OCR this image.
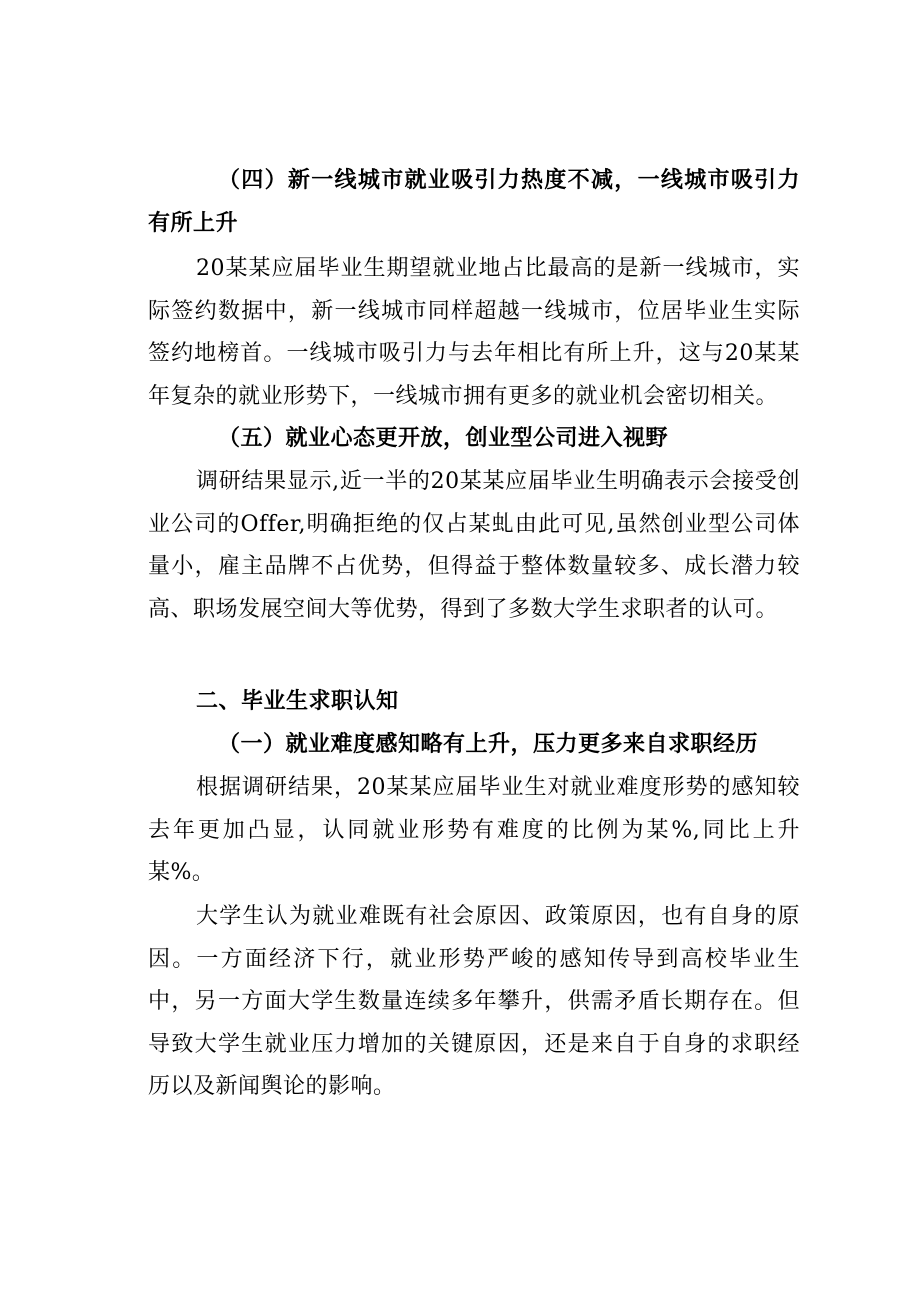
（四）新一线城市就业吸引力热度不减，一线城市吸引力有所上升

20某某应届毕业生期望就业地占比最高的是新一线城市，实际签约数据中，新一线城市同样超越一线城市，位居毕业生实际签约地榜首。一线城市吸引力与去年相比有所上升，这与20某某年复杂的就业形势下，一线城市拥有更多的就业机会密切相关。

（五）就业心态更开放，创业型公司进入视野

调研结果显示,近一半的20某某应届毕业生明确表示会接受创业公司的Offer,明确拒绝的仅占某虬由此可见,虽然创业型公司体量小，雇主品牌不占优势，但得益于整体数量较多、成长潜力较高、职场发展空间大等优势，得到了多数大学生求职者的认可。

二、毕业生求职认知

（一）就业难度感知略有上升，压力更多来自求职经历

根据调研结果，20某某应届毕业生对就业难度形势的感知较去年更加凸显，认同就业形势有难度的比例为某%,同比上升某%。

大学生认为就业难既有社会原因、政策原因，也有自身的原因。一方面经济下行，就业形势严峻的感知传导到高校毕业生中，另一方面大学生数量连续多年攀升，供需矛盾长期存在。但导致大学生就业压力增加的关键原因，还是来自于自身的求职经历以及新闻舆论的影响。
